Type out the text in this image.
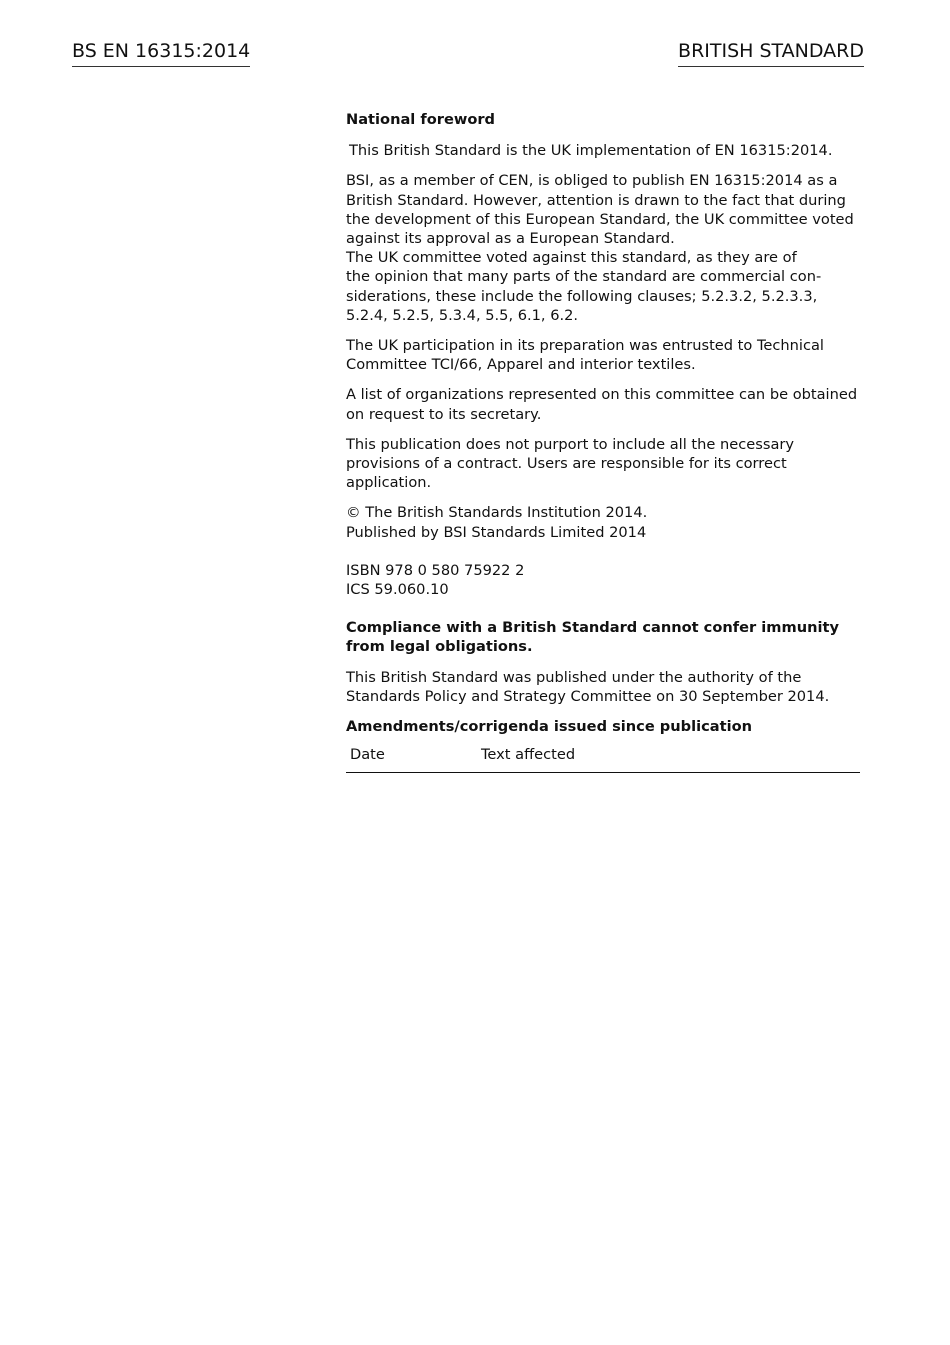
BS EN 16315:2014	BRITISH STANDARD

National foreword

This British Standard is the UK implementation of EN 16315:2014.

BSI, as a member of CEN, is obliged to publish EN 16315:2014 as a British Standard. However, attention is drawn to the fact that during the development of this European Standard, the UK committee voted against its approval as a European Standard.

The UK committee voted against this standard, as they are of
the opinion that many parts of the standard are commercial con-
siderations, these include the following clauses; 5.2.3.2, 5.2.3.3,
5.2.4, 5.2.5, 5.3.4, 5.5, 6.1, 6.2.

The UK participation in its preparation was entrusted to Technical Committee TCI/66, Apparel and interior textiles.

A list of organizations represented on this committee can be obtained on request to its secretary.

This publication does not purport to include all the necessary provisions of a contract. Users are responsible for its correct application.

© The British Standards Institution 2014.
Published by BSI Standards Limited 2014

ISBN 978 0 580 75922 2
ICS 59.060.10

Compliance with a British Standard cannot confer immunity from legal obligations.

This British Standard was published under the authority of the Standards Policy and Strategy Committee on 30 September 2014.

Amendments/corrigenda issued since publication

Date	Text affected
